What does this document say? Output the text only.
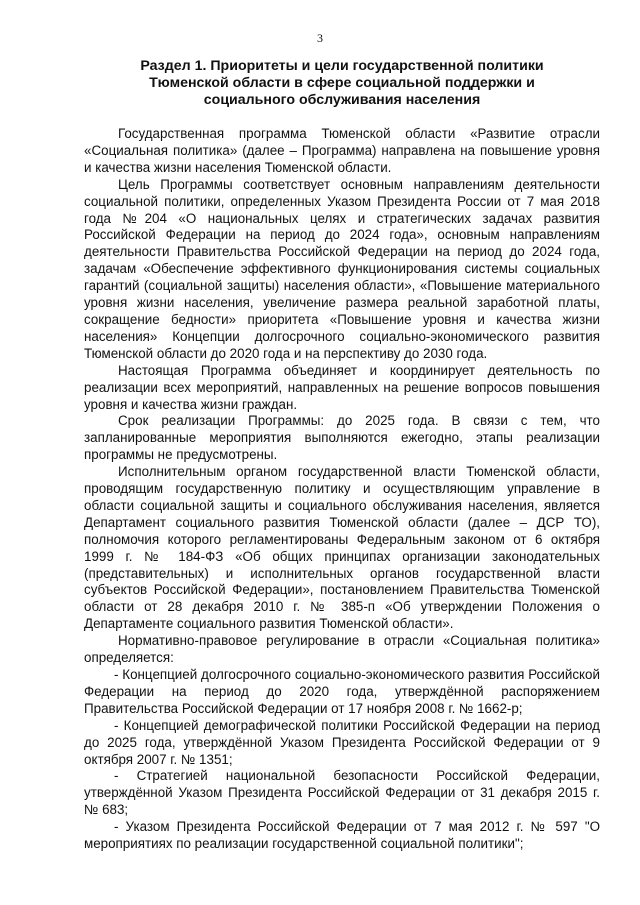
3
Раздел 1. Приоритеты и цели государственной политики
Тюменской области в сфере социальной поддержки и
социального обслуживания населения

Государственная программа Тюменской области «Развитие отрасли «Социальная политика» (далее – Программа) направлена на повышение уровня и качества жизни населения Тюменской области.

Цель Программы соответствует основным направлениям деятельности социальной политики, определенных Указом Президента России от 7 мая 2018 года №204 «О национальных целях и стратегических задачах развития Российской Федерации на период до 2024 года», основным направлениям деятельности Правительства Российской Федерации на период до 2024 года, задачам «Обеспечение эффективного функционирования системы социальных гарантий (социальной защиты) населения области», «Повышение материального уровня жизни населения, увеличение размера реальной заработной платы, сокращение бедности» приоритета «Повышение уровня и качества жизни населения» Концепции долгосрочного социально-экономического развития Тюменской области до 2020 года и на перспективу до 2030 года.

Настоящая Программа объединяет и координирует деятельность по реализации всех мероприятий, направленных на решение вопросов повышения уровня и качества жизни граждан.

Срок реализации Программы: до 2025 года. В связи с тем, что запланированные мероприятия выполняются ежегодно, этапы реализации программы не предусмотрены.

Исполнительным органом государственной власти Тюменской области, проводящим государственную политику и осуществляющим управление в области социальной защиты и социального обслуживания населения, является Департамент социального развития Тюменской области (далее – ДСР ТО), полномочия которого регламентированы Федеральным законом от 6 октября 1999 г. № 184-ФЗ «Об общих принципах организации законодательных (представительных) и исполнительных органов государственной власти субъектов Российской Федерации», постановлением Правительства Тюменской области от 28 декабря 2010 г. № 385-п «Об утверждении Положения о Департаменте социального развития Тюменской области».

Нормативно-правовое регулирование в отрасли «Социальная политика» определяется:

- Концепцией долгосрочного социально-экономического развития Российской Федерации на период до 2020 года, утверждённой распоряжением Правительства Российской Федерации от 17 ноября 2008 г. № 1662-р;

- Концепцией демографической политики Российской Федерации на период до 2025 года, утверждённой Указом Президента Российской Федерации от 9 октября 2007 г. № 1351;

- Стратегией национальной безопасности Российской Федерации, утверждённой Указом Президента Российской Федерации от 31 декабря 2015 г. № 683;

- Указом Президента Российской Федерации от 7 мая 2012 г. № 597 "О мероприятиях по реализации государственной социальной политики";
